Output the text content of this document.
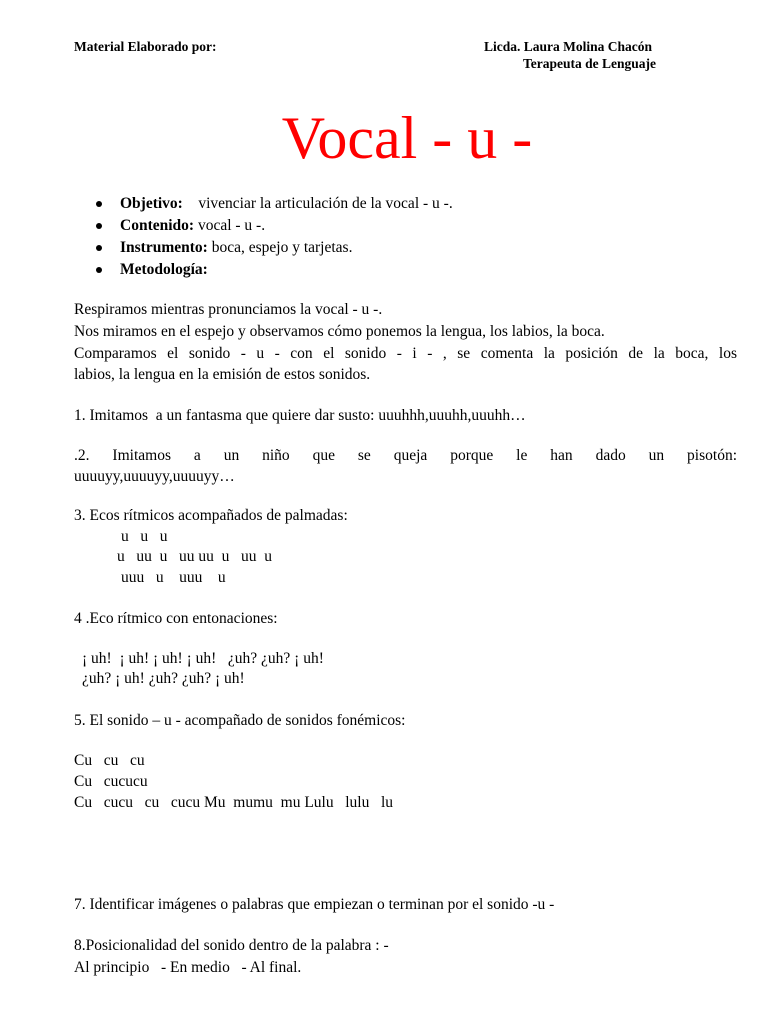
Material Elaborado por:	Licda. Laura Molina Chacón
Terapeuta de Lenguaje
Vocal - u -

Objetivo:    vivenciar la articulación de la vocal - u -.

Contenido: vocal - u -.

Instrumento: boca, espejo y tarjetas.

Metodología:

Respiramos mientras pronunciamos la vocal - u -.
Nos miramos en el espejo y observamos cómo ponemos la lengua, los labios, la boca.
Comparamos el sonido - u - con el sonido - i - , se comenta la posición de la boca, los
labios, la lengua en la emisión de estos sonidos.
1. Imitamos  a un fantasma que quiere dar susto: uuuhhh,uuuhh,uuuhh…
.2. Imitamos a un niño que se queja porque le han dado un pisotón:
uuuuyy,uuuuyy,uuuuyy…
3. Ecos rítmicos acompañados de palmadas:
u   u   u
u   uu  u   uu uu  u   uu  u
uuu   u    uuu    u
4 .Eco rítmico con entonaciones:
¡ uh!  ¡ uh! ¡ uh! ¡ uh!   ¿uh? ¿uh? ¡ uh!
¿uh? ¡ uh! ¿uh? ¿uh? ¡ uh!
5. El sonido – u - acompañado de sonidos fonémicos:
Cu   cu   cu
Cu   cucucu
Cu   cucu   cu   cucu Mu  mumu  mu Lulu   lulu   lu
7. Identificar imágenes o palabras que empiezan o terminan por el sonido -u -
8.Posicionalidad del sonido dentro de la palabra : -
Al principio   - En medio   - Al final.
